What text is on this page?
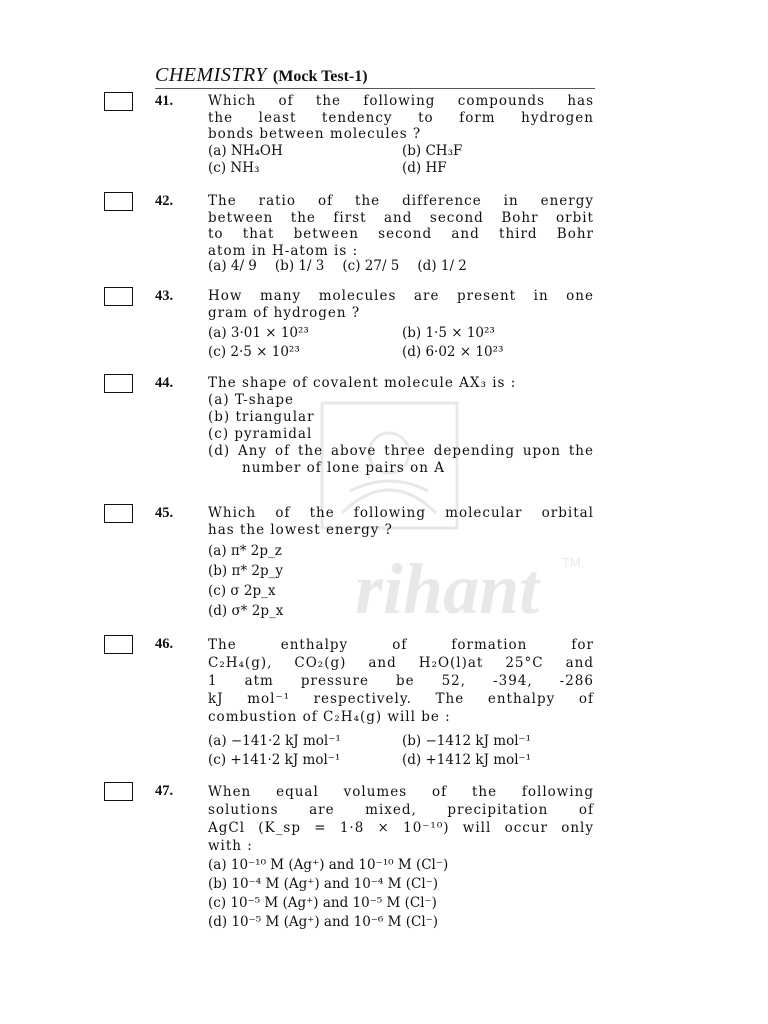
CHEMISTRY (Mock Test-1)
rihant TM.
41.	Which of the following compounds has
the least tendency to form hydrogen
bonds between molecules ?
(a) NH₄OH	(b) CH₃F
(c) NH₃	(d) HF
42.	The ratio of the difference in energy
between the first and second Bohr orbit
to that between second and third Bohr
atom in H-atom is :
(a) 4/ 9 (b) 1/ 3 (c) 27/ 5 (d) 1/ 2
43.	How many molecules are present in one
gram of hydrogen ?
(a) 3·01 × 10²³	(b) 1·5 × 10²³
(c) 2·5 × 10²³	(d) 6·02 × 10²³
44.	The shape of covalent molecule AX₃ is :
(a) T-shape
(b) triangular
(c) pyramidal
(d) Any of the above three depending upon the number of lone pairs on A
45.	Which of the following molecular orbital
has the lowest energy ?
(a) π* 2p_z
(b) π* 2p_y
(c) σ 2p_x
(d) σ* 2p_x
46.	The enthalpy of formation for
C₂H₄(g), CO₂(g) and H₂O(l)at 25°C and
1 atm pressure be 52, -394, -286
kJ mol⁻¹ respectively. The enthalpy of
combustion of C₂H₄(g) will be :
(a) −141·2 kJ mol⁻¹	(b) −1412 kJ mol⁻¹
(c) +141·2 kJ mol⁻¹	(d) +1412 kJ mol⁻¹
47.	When equal volumes of the following
solutions are mixed, precipitation of
AgCl (K_sp = 1·8 × 10⁻¹⁰) will occur only
with :
(a) 10⁻¹⁰ M (Ag⁺) and 10⁻¹⁰ M (Cl⁻)
(b) 10⁻⁴ M (Ag⁺) and 10⁻⁴ M (Cl⁻)
(c) 10⁻⁵ M (Ag⁺) and 10⁻⁵ M (Cl⁻)
(d) 10⁻⁵ M (Ag⁺) and 10⁻⁶ M (Cl⁻)
